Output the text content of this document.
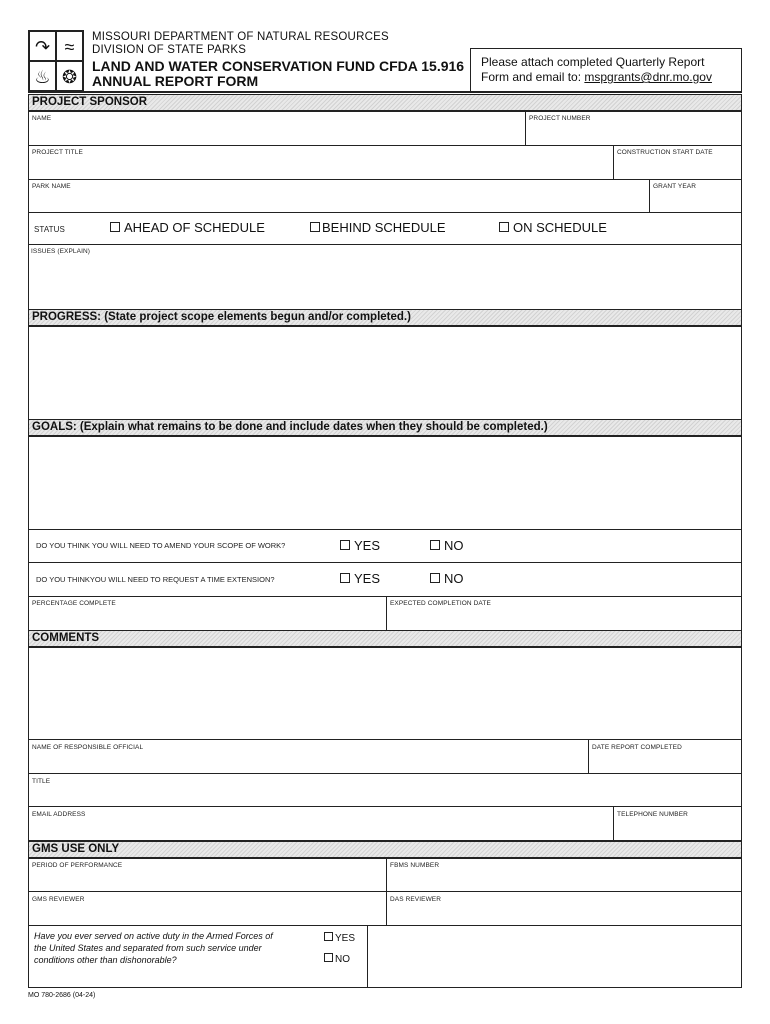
↷ ≈
♨ ❂
MISSOURI DEPARTMENT OF NATURAL RESOURCES
DIVISION OF STATE PARKS
LAND AND WATER CONSERVATION FUND CFDA 15.916
ANNUAL REPORT FORM
Please attach completed Quarterly Report
Form and email to: mspgrants@dnr.mo.gov
PROJECT SPONSOR
NAME	PROJECT NUMBER
PROJECT TITLE	CONSTRUCTION START DATE
PARK NAME	GRANT YEAR
STATUS	AHEAD OF SCHEDULE	BEHIND SCHEDULE	ON SCHEDULE
ISSUES (EXPLAIN)
PROGRESS: (State project scope elements begun and/or completed.)
GOALS: (Explain what remains to be done and include dates when they should be completed.)
DO YOU THINK YOU WILL NEED TO AMEND YOUR SCOPE OF WORK?	YES	NO
DO YOU THINKYOU WILL NEED TO REQUEST A TIME EXTENSION?	YES	NO
PERCENTAGE COMPLETE	EXPECTED COMPLETION DATE
COMMENTS
NAME OF RESPONSIBLE OFFICIAL	DATE REPORT COMPLETED
TITLE
EMAIL ADDRESS	TELEPHONE NUMBER
GMS USE ONLY
PERIOD OF PERFORMANCE	FBMS NUMBER
GMS REVIEWER	DAS REVIEWER
Have you ever served on active duty in the Armed Forces of
the United States and separated from such service under
conditions other than dishonorable?
YES
NO
MO 780-2686 (04-24)
